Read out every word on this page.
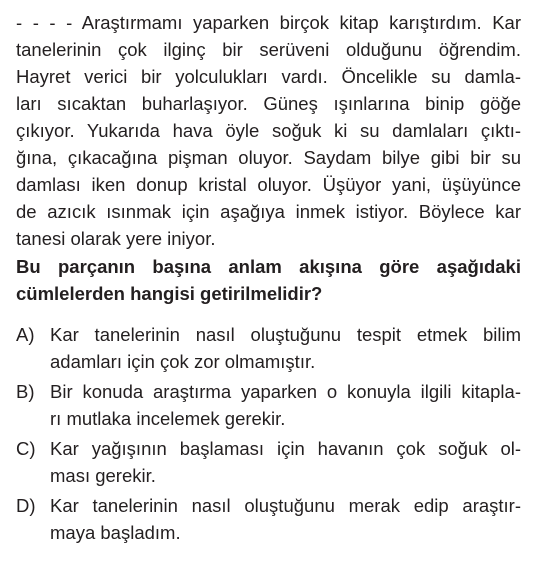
- - - - Araştırmamı yaparken birçok kitap karıştırdım. Kar
tanelerinin çok ilginç bir serüveni olduğunu öğrendim.
Hayret verici bir yolculukları vardı. Öncelikle su damla-
ları sıcaktan buharlaşıyor. Güneş ışınlarına binip göğe
çıkıyor. Yukarıda hava öyle soğuk ki su damlaları çıktı-
ğına, çıkacağına pişman oluyor. Saydam bilye gibi bir su
damlası iken donup kristal oluyor. Üşüyor yani, üşüyünce
de azıcık ısınmak için aşağıya inmek istiyor. Böylece kar
tanesi olarak yere iniyor.
Bu parçanın başına anlam akışına göre aşağıdaki
cümlelerden hangisi getirilmelidir?
A) Kar tanelerinin nasıl oluştuğunu tespit etmek bilim
adamları için çok zor olmamıştır.
B) Bir konuda araştırma yaparken o konuyla ilgili kitapla-
rı mutlaka incelemek gerekir.
C) Kar yağışının başlaması için havanın çok soğuk ol-
ması gerekir.
D) Kar tanelerinin nasıl oluştuğunu merak edip araştır-
maya başladım.
